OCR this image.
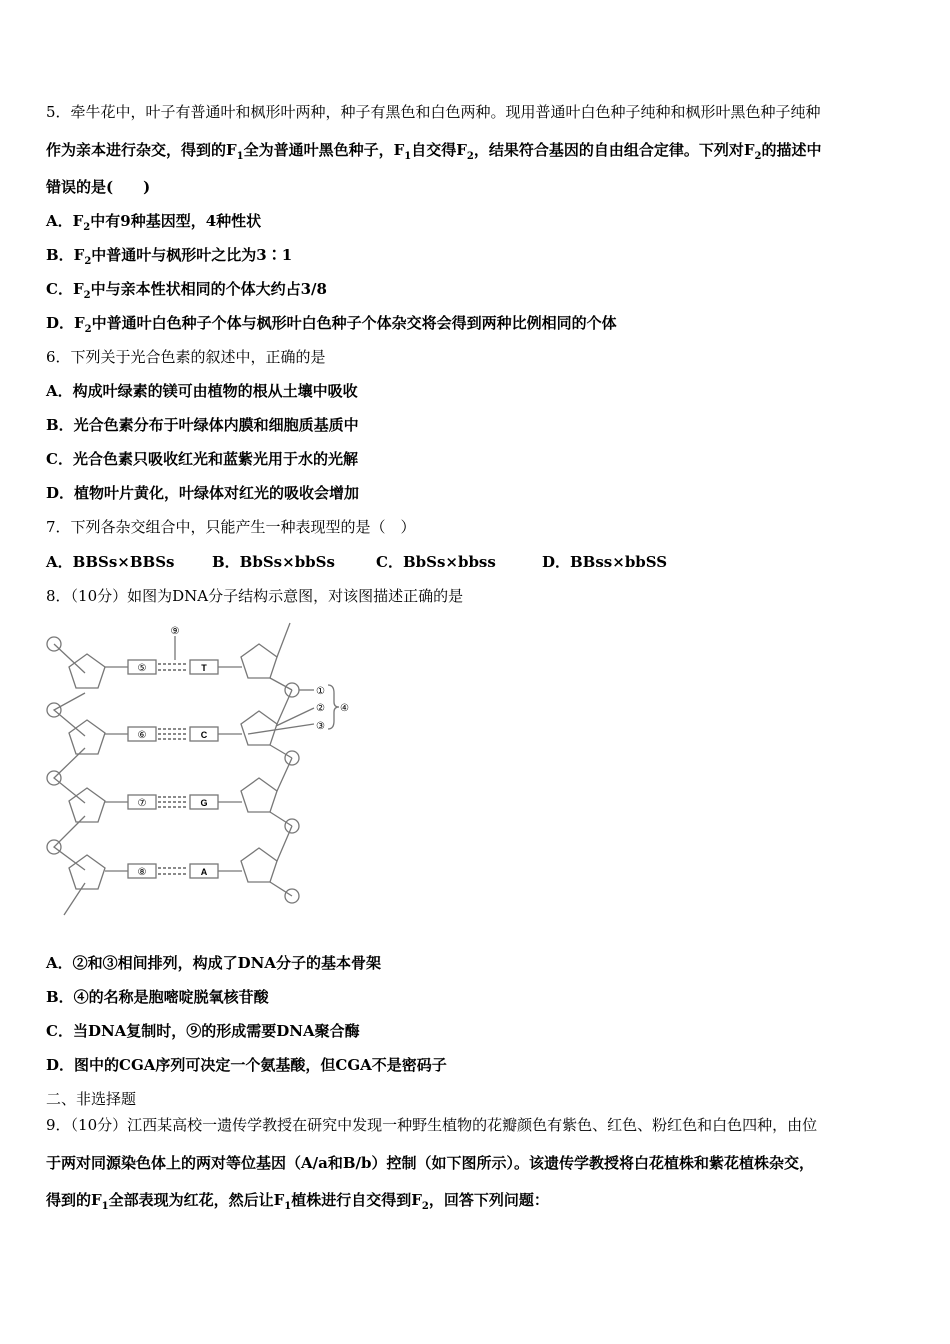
5．牵牛花中，叶子有普通叶和枫形叶两种，种子有黑色和白色两种。现用普通叶白色种子纯种和枫形叶黑色种子纯种
作为亲本进行杂交，得到的$F_1$全为普通叶黑色种子，$F_1$自交得$F_2$，结果符合基因的自由组合定律。下列对$F_2$的描述中
错误的是(　　)
A．$F_2$中有9种基因型，4种性状
B．$F_2$中普通叶与枫形叶之比为3∶1
C．$F_2$中与亲本性状相同的个体大约占3/8
D．$F_2$中普通叶白色种子个体与枫形叶白色种子个体杂交将会得到两种比例相同的个体
6．下列关于光合色素的叙述中，正确的是
A．构成叶绿素的镁可由植物的根从土壤中吸收
B．光合色素分布于叶绿体内膜和细胞质基质中
C．光合色素只吸收红光和蓝紫光用于水的光解
D．植物叶片黄化，叶绿体对红光的吸收会增加
7．下列各杂交组合中，只能产生一种表现型的是（　）
A．BBSs×BBSs	B．BbSs×bbSs	C．BbSs×bbss	D．BBss×bbSS
8．（10分）如图为DNA分子结构示意图，对该图描述正确的是
⑤
⑥
⑦
⑧
T
C
G
A
⑨
①
②
③
④
A．②和③相间排列，构成了DNA分子的基本骨架
B．④的名称是胞嘧啶脱氧核苷酸
C．当DNA复制时，⑨的形成需要DNA聚合酶
D．图中的CGA序列可决定一个氨基酸，但CGA不是密码子
二、非选择题
9．（10分）江西某高校一遗传学教授在研究中发现一种野生植物的花瓣颜色有紫色、红色、粉红色和白色四种，由位
于两对同源染色体上的两对等位基因（A/a和B/b）控制（如下图所示）。该遗传学教授将白花植株和紫花植株杂交，
得到的$F_1$全部表现为红花，然后让$F_1$植株进行自交得到$F_2$，回答下列问题：
